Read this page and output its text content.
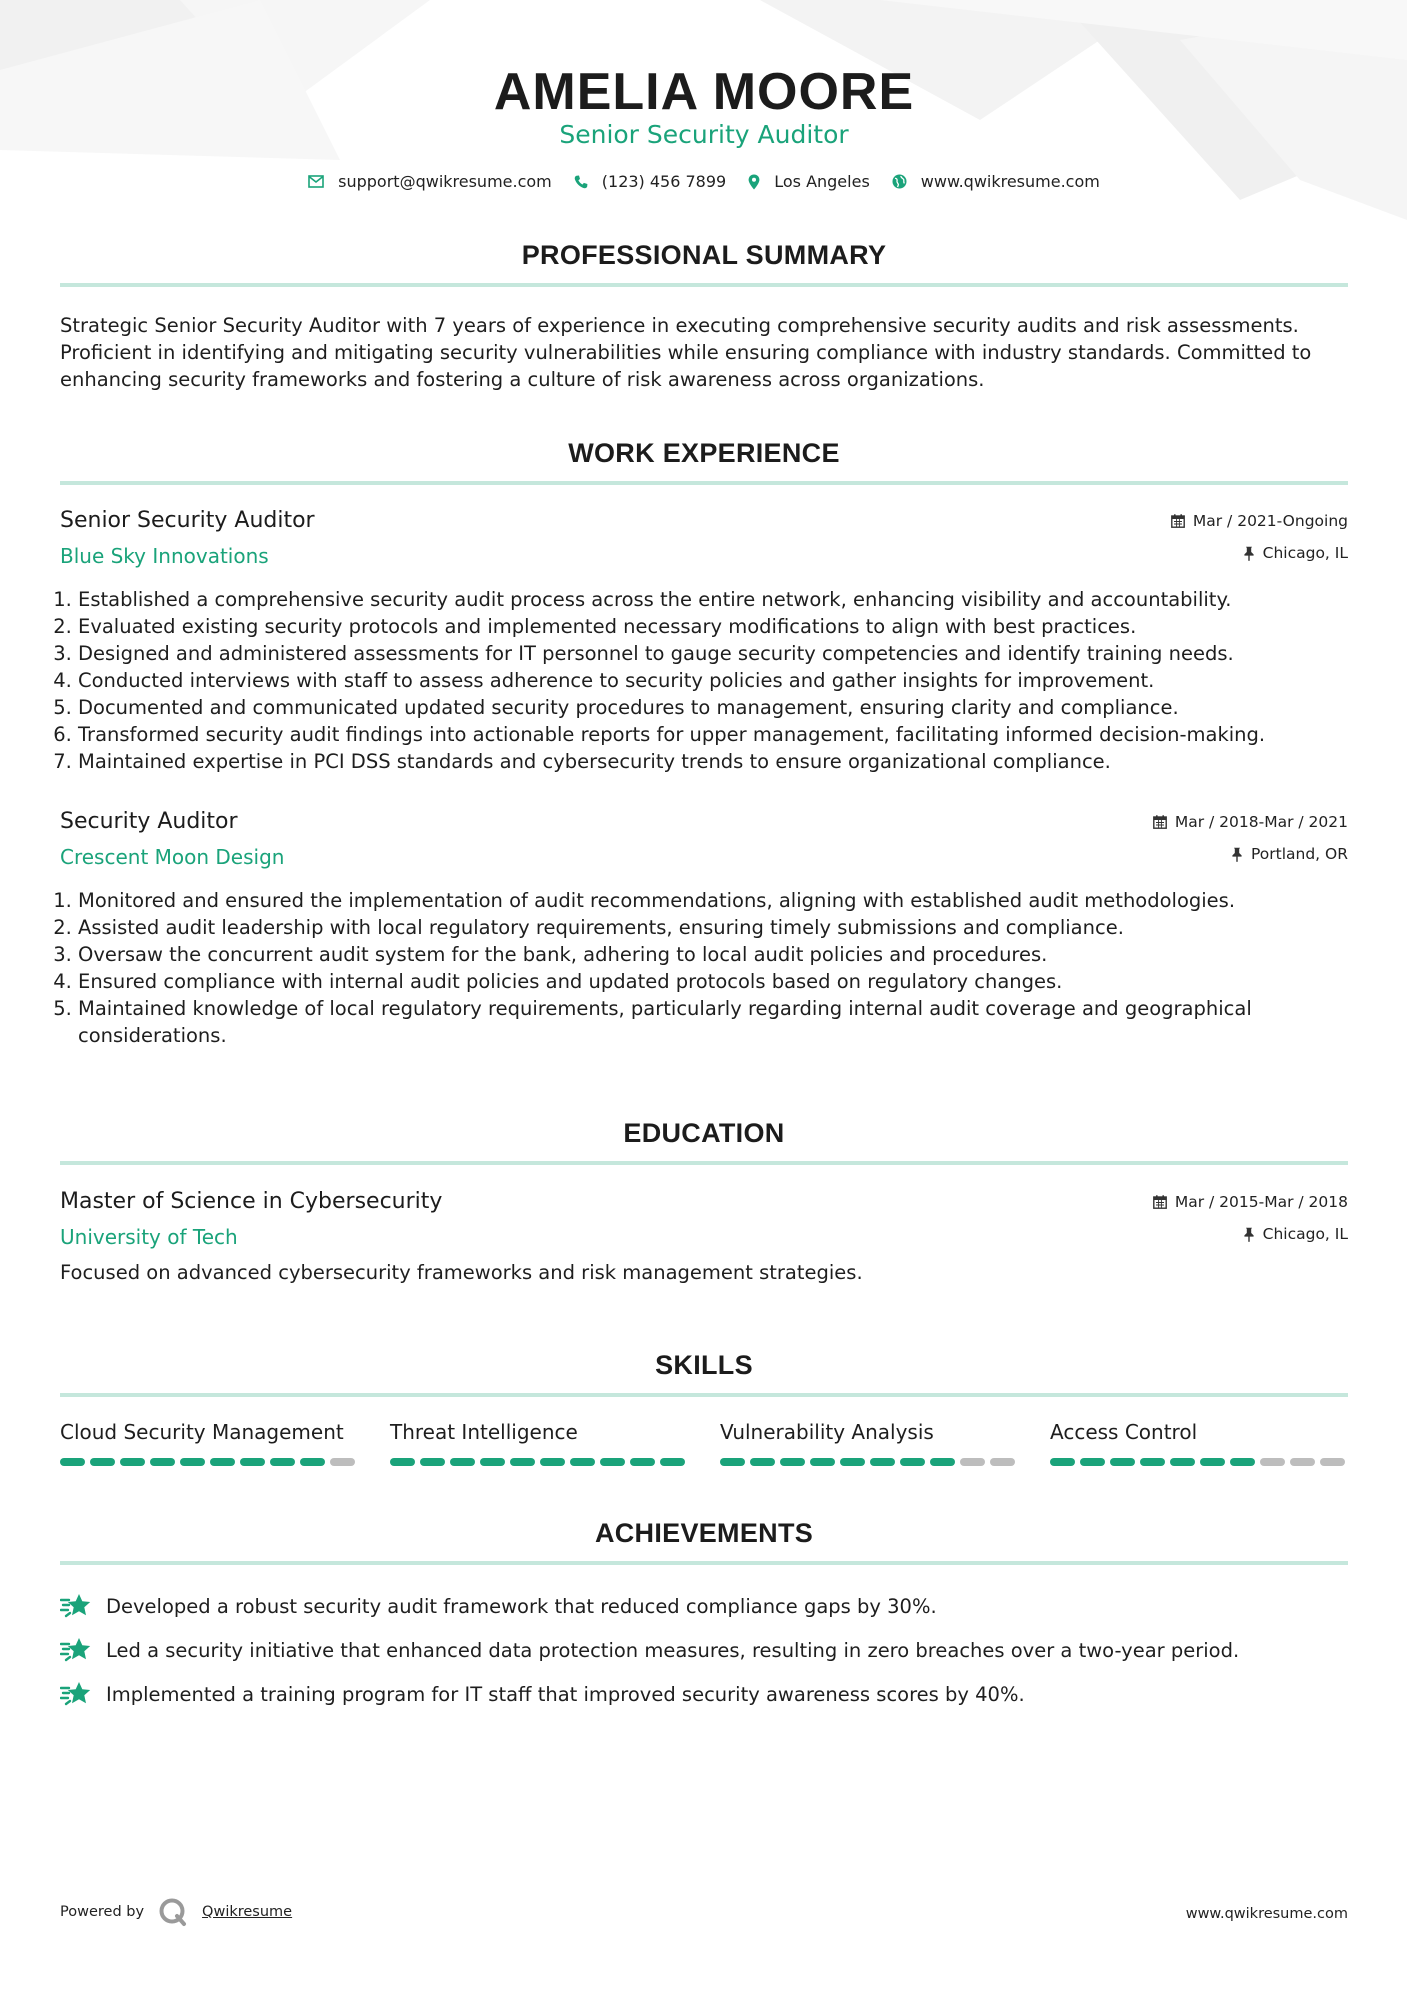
AMELIA MOORE
Senior Security Auditor
support@qwikresume.com	(123) 456 7899	Los Angeles	www.qwikresume.com
PROFESSIONAL SUMMARY
Strategic Senior Security Auditor with 7 years of experience in executing comprehensive security audits and risk assessments. Proficient in identifying and mitigating security vulnerabilities while ensuring compliance with industry standards. Committed to enhancing security frameworks and fostering a culture of risk awareness across organizations.
WORK EXPERIENCE
Senior Security Auditor
Blue Sky Innovations
Mar / 2021-Ongoing
Chicago, IL
1. Established a comprehensive security audit process across the entire network, enhancing visibility and accountability.
2. Evaluated existing security protocols and implemented necessary modifications to align with best practices.
3. Designed and administered assessments for IT personnel to gauge security competencies and identify training needs.
4. Conducted interviews with staff to assess adherence to security policies and gather insights for improvement.
5. Documented and communicated updated security procedures to management, ensuring clarity and compliance.
6. Transformed security audit findings into actionable reports for upper management, facilitating informed decision-making.
7. Maintained expertise in PCI DSS standards and cybersecurity trends to ensure organizational compliance.
Security Auditor
Crescent Moon Design
Mar / 2018-Mar / 2021
Portland, OR
1. Monitored and ensured the implementation of audit recommendations, aligning with established audit methodologies.
2. Assisted audit leadership with local regulatory requirements, ensuring timely submissions and compliance.
3. Oversaw the concurrent audit system for the bank, adhering to local audit policies and procedures.
4. Ensured compliance with internal audit policies and updated protocols based on regulatory changes.
5. Maintained knowledge of local regulatory requirements, particularly regarding internal audit coverage and geographical considerations.
EDUCATION
Master of Science in Cybersecurity
University of Tech
Mar / 2015-Mar / 2018
Chicago, IL
Focused on advanced cybersecurity frameworks and risk management strategies.
SKILLS
Cloud Security Management	Threat Intelligence	Vulnerability Analysis	Access Control
ACHIEVEMENTS
Developed a robust security audit framework that reduced compliance gaps by 30%.
Led a security initiative that enhanced data protection measures, resulting in zero breaches over a two-year period.
Implemented a training program for IT staff that improved security awareness scores by 40%.
Powered by	Qwikresume	www.qwikresume.com
